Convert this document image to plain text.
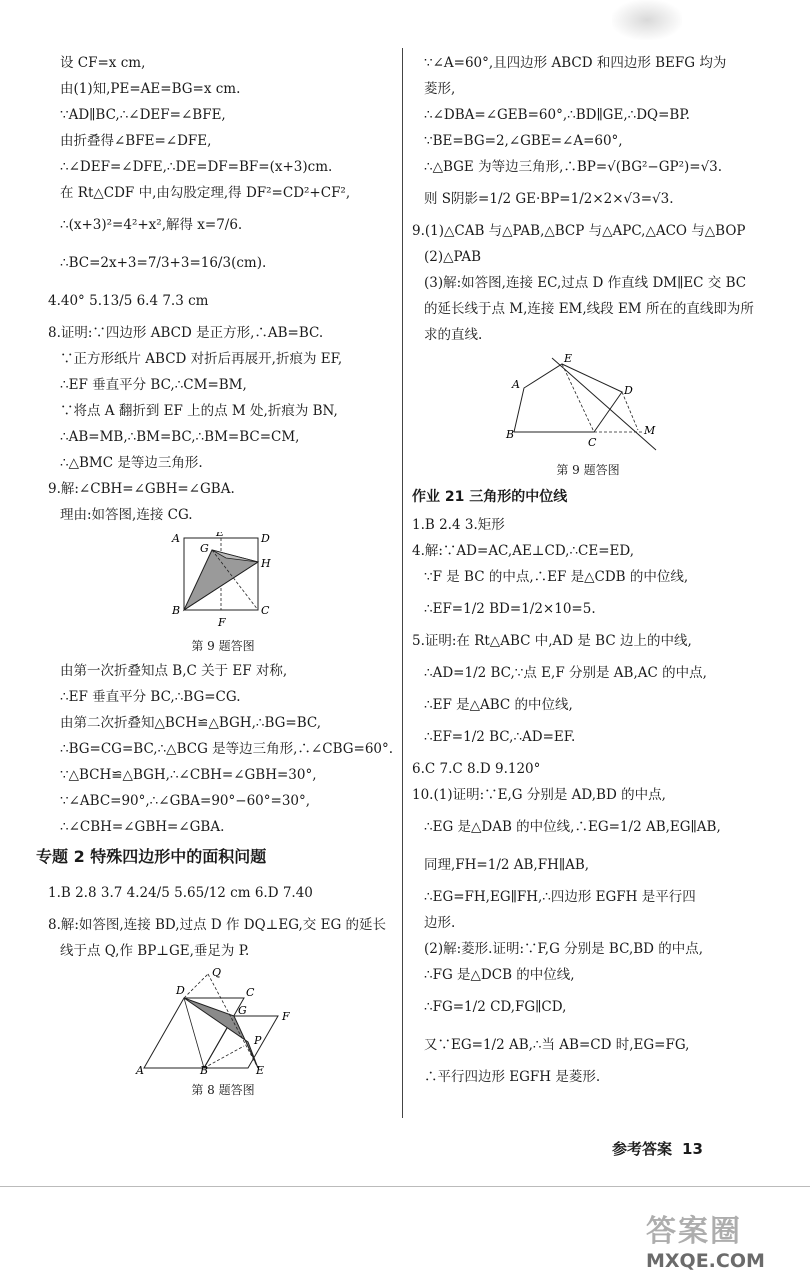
设 CF=x cm,
由(1)知,PE=AE=BG=x cm.
∵AD∥BC,∴∠DEF=∠BFE,
由折叠得∠BFE=∠DFE,
∴∠DEF=∠DFE,∴DE=DF=BF=(x+3)cm.
在 Rt△CDF 中,由勾股定理,得 DF²=CD²+CF²,
∴(x+3)²=4²+x²,解得 x=7/6.
∴BC=2x+3=7/3+3=16/3(cm).
4.40° 5.13/5 6.4 7.3 cm
8.证明:∵四边形 ABCD 是正方形,∴AB=BC.
∵正方形纸片 ABCD 对折后再展开,折痕为 EF,
∴EF 垂直平分 BC,∴CM=BM,
∵将点 A 翻折到 EF 上的点 M 处,折痕为 BN,
∴AB=MB,∴BM=BC,∴BM=BC=CM,
∴△BMC 是等边三角形.
9.解:∠CBH=∠GBH=∠GBA.
理由:如答图,连接 CG.
A	E	D
G
H
B
F
C
第 9 题答图
由第一次折叠知点 B,C 关于 EF 对称,
∴EF 垂直平分 BC,∴BG=CG.
由第二次折叠知△BCH≌△BGH,∴BG=BC,
∴BG=CG=BC,∴△BCG 是等边三角形,∴∠CBG=60°.
∵△BCH≌△BGH,∴∠CBH=∠GBH=30°,
∵∠ABC=90°,∴∠GBA=90°−60°=30°,
∴∠CBH=∠GBH=∠GBA.
专题 2 特殊四边形中的面积问题
1.B 2.8 3.7 4.24/5 5.65/12 cm 6.D 7.40
8.解:如答图,连接 BD,过点 D 作 DQ⊥EG,交 EG 的延长
线于点 Q,作 BP⊥GE,垂足为 P.
D
Q
C
G	F
P
A	B	E
第 8 题答图
∵∠A=60°,且四边形 ABCD 和四边形 BEFG 均为
菱形,
∴∠DBA=∠GEB=60°,∴BD∥GE,∴DQ=BP.
∵BE=BG=2,∠GBE=∠A=60°,
∴△BGE 为等边三角形,∴BP=√(BG²−GP²)=√3.
则 S阴影=1/2 GE·BP=1/2×2×√3=√3.
9.(1)△CAB 与△PAB,△BCP 与△APC,△ACO 与△BOP
(2)△PAB
(3)解:如答图,连接 EC,过点 D 作直线 DM∥EC 交 BC
的延长线于点 M,连接 EM,线段 EM 所在的直线即为所
求的直线.
E
A	D
B
C
M
第 9 题答图
作业 21 三角形的中位线
1.B 2.4 3.矩形
4.解:∵AD=AC,AE⊥CD,∴CE=ED,
∵F 是 BC 的中点,∴EF 是△CDB 的中位线,
∴EF=1/2 BD=1/2×10=5.
5.证明:在 Rt△ABC 中,AD 是 BC 边上的中线,
∴AD=1/2 BC,∵点 E,F 分别是 AB,AC 的中点,
∴EF 是△ABC 的中位线,
∴EF=1/2 BC,∴AD=EF.
6.C 7.C 8.D 9.120°
10.(1)证明:∵E,G 分别是 AD,BD 的中点,
∴EG 是△DAB 的中位线,∴EG=1/2 AB,EG∥AB,
同理,FH=1/2 AB,FH∥AB,
∴EG=FH,EG∥FH,∴四边形 EGFH 是平行四
边形.
(2)解:菱形.证明:∵F,G 分别是 BC,BD 的中点,
∴FG 是△DCB 的中位线,
∴FG=1/2 CD,FG∥CD,
又∵EG=1/2 AB,∴当 AB=CD 时,EG=FG,
∴平行四边形 EGFH 是菱形.
参考答案 13
答案圈
MXQE.COM
